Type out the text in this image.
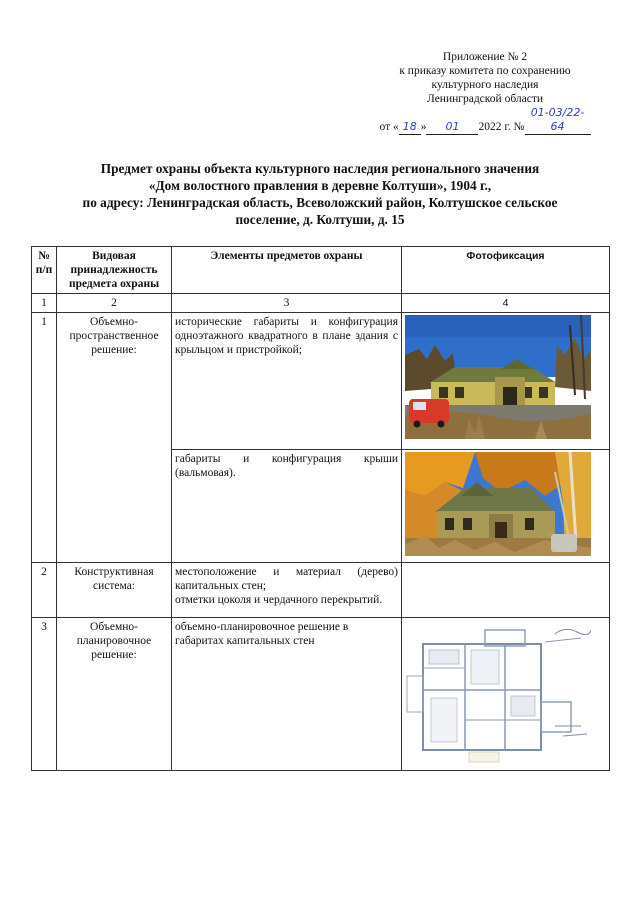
Приложение № 2
к приказу комитета по сохранению
культурного наследия
Ленинградской области
от « 18 » 01 2022 г. №01-03/22-64
Предмет охраны объекта культурного наследия регионального значения
«Дом волостного правления в деревне Колтуши», 1904 г.,
по адресу: Ленинградская область, Всеволожский район, Колтушское сельское
поселение, д. Колтуши, д. 15
№ п/п	Видовая принадлежность предмета охраны	Элементы предметов охраны	Фотофиксация
1	2	3	4
1	Объемно-пространственное решение:	исторические габариты и конфигурация одноэтажного квадратного в плане здания с крыльцом и пристройкой;	

		габариты и конфигурация крыши (вальмовая).	

2	Конструктивная система:	местоположение и материал (дерево) капитальных стен;
отметки цоколя и чердачного перекрытий.	

3	Объемно-планировочное решение:	объемно-планировочное решение в габаритах капитальных стен	
